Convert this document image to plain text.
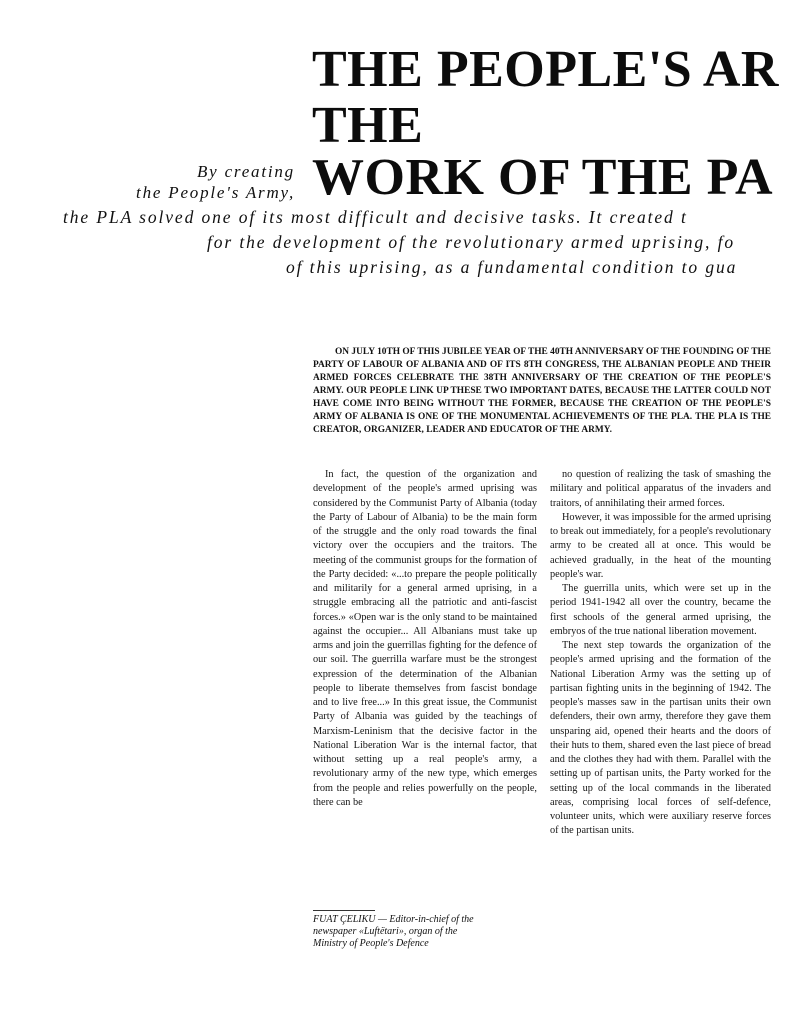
THE PEOPLE'S AR
THE
WORK OF THE PA
By creating
the People's Army,
the PLA solved one of its most difficult and decisive tasks. It created t
for the development of the revolutionary armed uprising, fo
of this uprising, as a fundamental condition to gua

ON JULY 10TH OF THIS JUBILEE YEAR OF THE 40TH ANNIVERSARY OF THE FOUNDING OF THE PARTY OF LABOUR OF ALBANIA AND OF ITS 8TH CONGRESS, THE ALBANIAN PEOPLE AND THEIR ARMED FORCES CELEBRATE THE 38TH ANNIVERSARY OF THE CREATION OF THE PEOPLE'S ARMY. OUR PEOPLE LINK UP THESE TWO IMPORTANT DATES, BECAUSE THE LATTER COULD NOT HAVE COME INTO BEING WITHOUT THE FORMER, BECAUSE THE CREATION OF THE PEOPLE'S ARMY OF ALBANIA IS ONE OF THE MONUMENTAL ACHIEVEMENTS OF THE PLA. THE PLA IS THE CREATOR, ORGANIZER, LEADER AND EDUCATOR OF THE ARMY.

In fact, the question of the organization and development of the people's armed uprising was considered by the Communist Party of Albania (today the Party of Labour of Albania) to be the main form of the struggle and the only road towards the final victory over the occupiers and the traitors. The meeting of the communist groups for the formation of the Party decided: «...to prepare the people politically and militarily for a general armed uprising, in a struggle embracing all the patriotic and anti-fascist forces.» «Open war is the only stand to be maintained against the occupier... All Albanians must take up arms and join the guerrillas fighting for the defence of our soil. The guerrilla warfare must be the strongest expression of the determination of the Albanian people to liberate themselves from fascist bondage and to live free...» In this great issue, the Communist Party of Albania was guided by the teachings of Marxism-Leninism that the decisive factor in the National Liberation War is the internal factor, that without setting up a real people's army, a revolutionary army of the new type, which emerges from the people and relies powerfully on the people, there can be

no question of realizing the task of smashing the military and political apparatus of the invaders and traitors, of annihilating their armed forces.

However, it was impossible for the armed uprising to break out immediately, for a people's revolutionary army to be created all at once. This would be achieved gradually, in the heat of the mounting people's war.

The guerrilla units, which were set up in the period 1941-1942 all over the country, became the first schools of the general armed uprising, the embryos of the true national liberation movement.

The next step towards the organization of the people's armed uprising and the formation of the National Liberation Army was the setting up of partisan fighting units in the beginning of 1942. The people's masses saw in the partisan units their own defenders, their own army, therefore they gave them unsparing aid, opened their hearts and the doors of their huts to them, shared even the last piece of bread and the clothes they had with them. Parallel with the setting up of partisan units, the Party worked for the setting up of the local commands in the liberated areas, comprising local forces of self-defence, volunteer units, which were auxiliary reserve forces of the partisan units.

FUAT ÇELIKU — Editor-in-chief of the
newspaper «Luftëtari», organ of the
Ministry of People's Defence
